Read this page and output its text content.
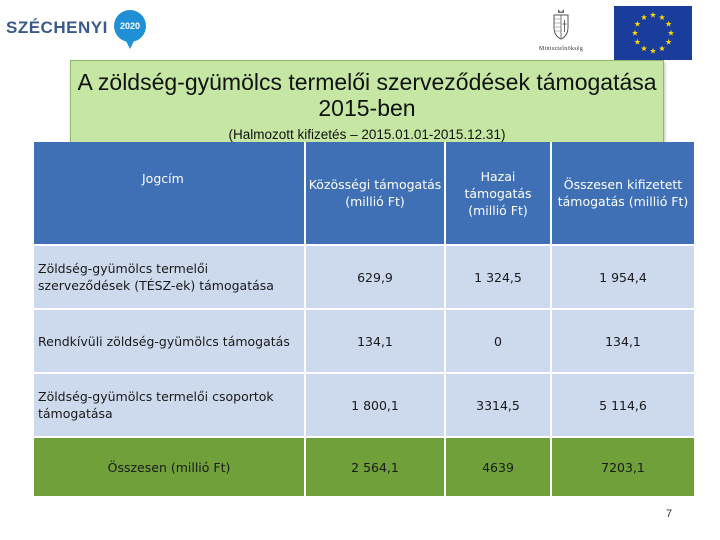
SZÉCHENYI	2020
Minisztelnökség
A zöldség-gyümölcs termelői szerveződések támogatása 2015-ben
(Halmozott kifizetés – 2015.01.01-2015.12.31)
Jogcím	Közösségi támogatás (millió Ft)	Hazai támogatás (millió Ft)	Összesen kifizetett támogatás (millió Ft)
Zöldség-gyümölcs termelői szerveződések (TÉSZ-ek) támogatása	629,9	1 324,5	1 954,4
Rendkívüli zöldség-gyümölcs támogatás	134,1	0	134,1
Zöldség-gyümölcs termelői csoportok támogatása	1 800,1	3314,5	5 114,6
Összesen (millió Ft)	2 564,1	4639	7203,1
7
